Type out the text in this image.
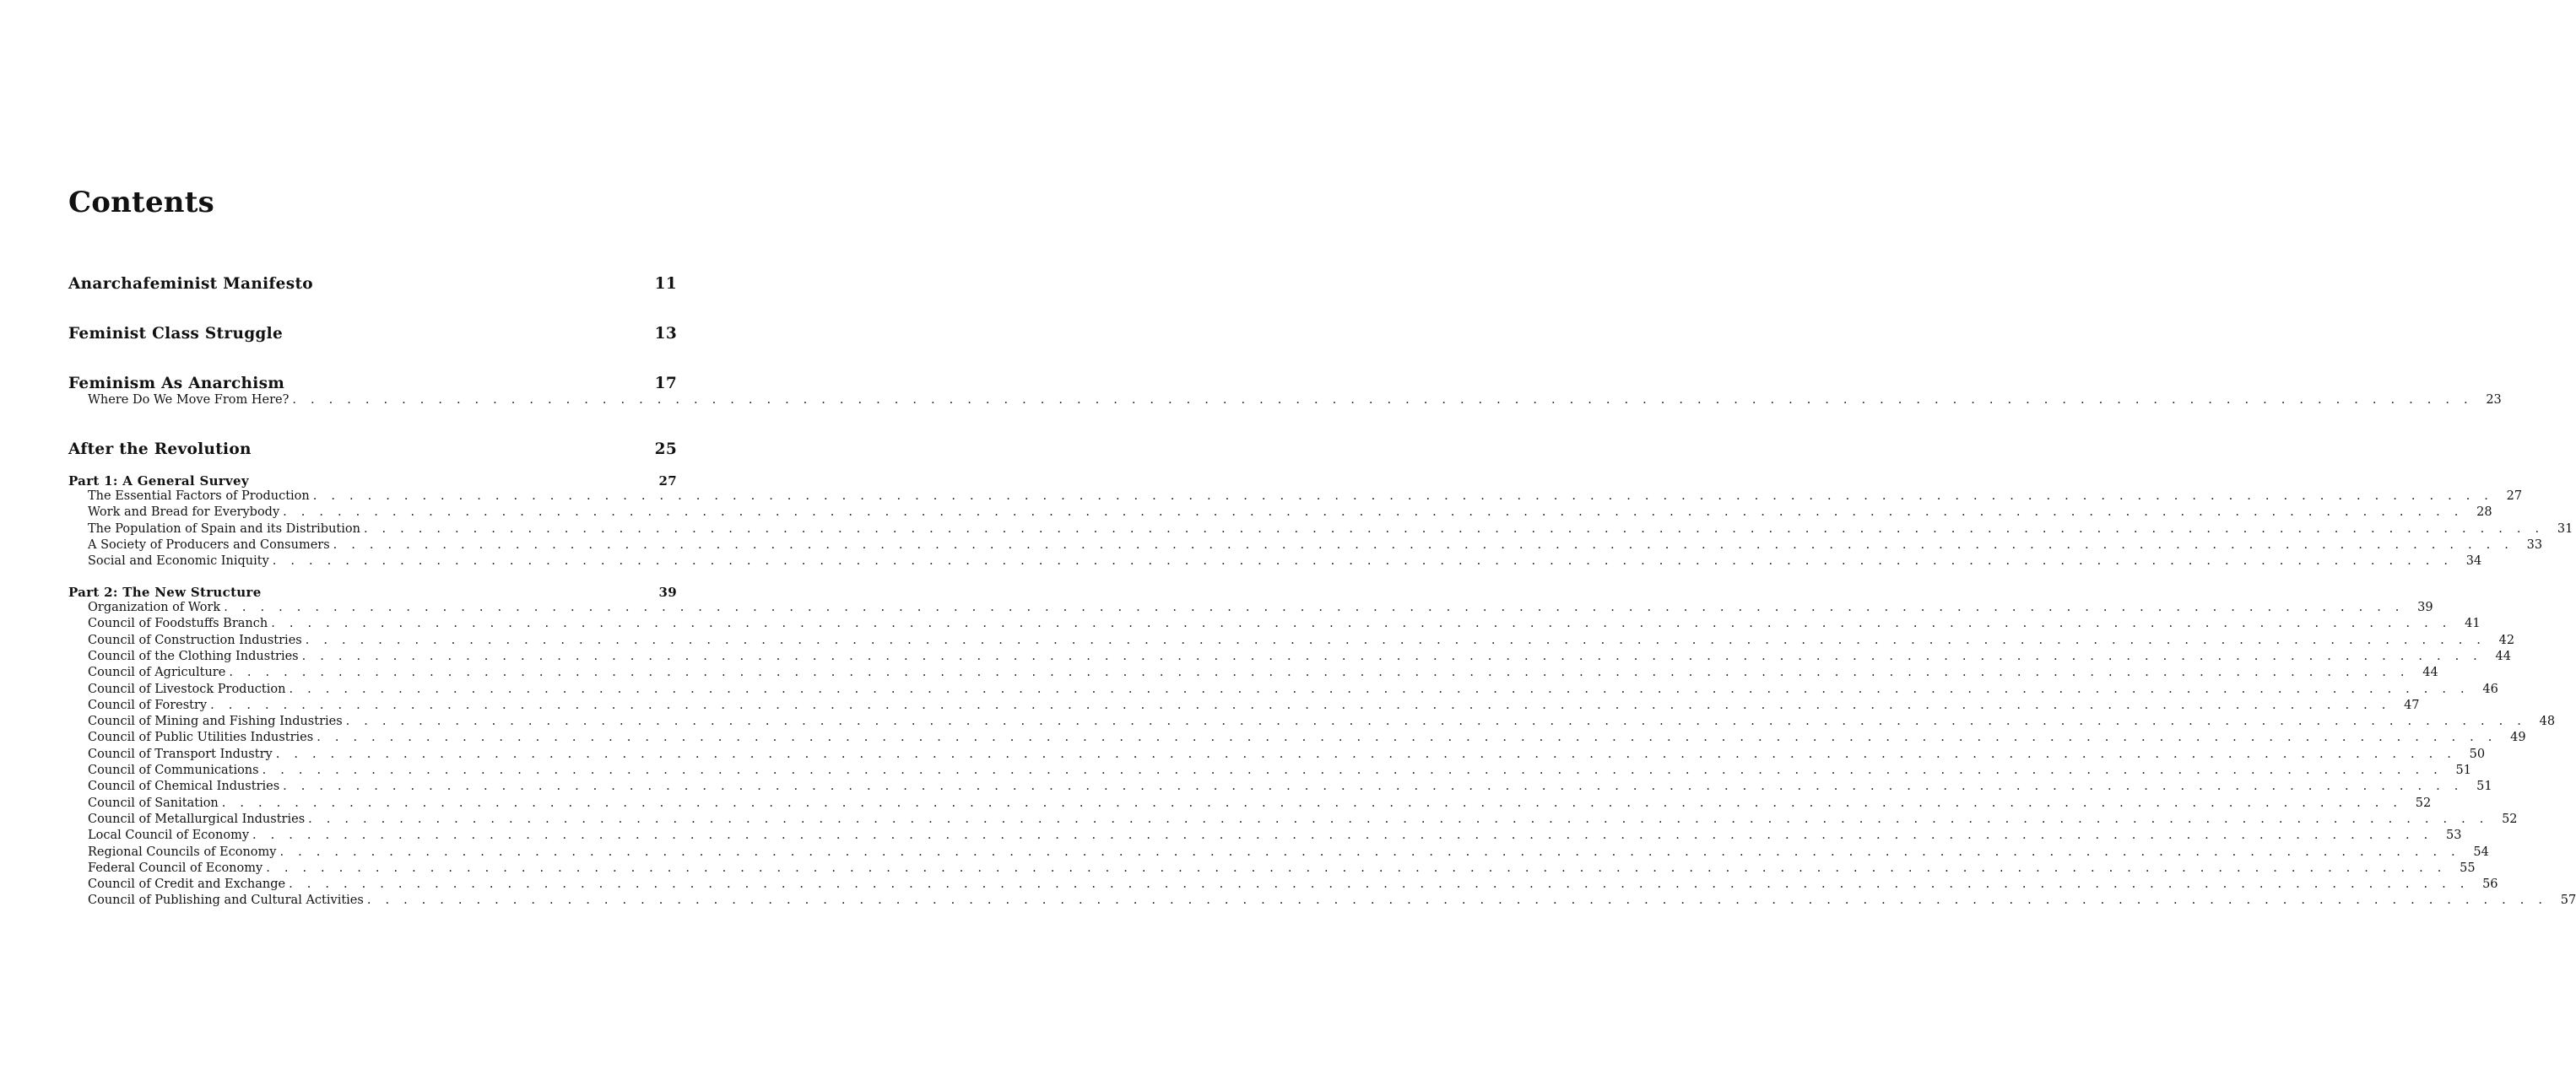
Contents
Anarchafeminist Manifesto	11
Feminist Class Struggle	13
Feminism As Anarchism	17
Where Do We Move From Here? . . . . . . . . . . . . . . . . . . . . . . . . . . . . . . . . . . . . . . . . . . . . . . . . . . . . . . . . . . . . . . . . . . . . . . . . . . . . . . . . . . . . . . . . . . . . . . . . . . . . . . . . . . . . . . . . . . . . . . . .	23
After the Revolution	25
Part 1: A General Survey	27
The Essential Factors of Production . . . . . . . . . . . . . . . . . . . . . . . . . . . . . . . . . . . . . . . . . . . . . . . . . . . . . . . . . . . . . . . . . . . . . . . . . . . . . . . . . . . . . . . . . . . . . . . . . . . . . . . . . . . . . . . . . . . . . . . .	27
Work and Bread for Everybody . . . . . . . . . . . . . . . . . . . . . . . . . . . . . . . . . . . . . . . . . . . . . . . . . . . . . . . . . . . . . . . . . . . . . . . . . . . . . . . . . . . . . . . . . . . . . . . . . . . . . . . . . . . . . . . . . . . . . . . .	28
The Population of Spain and its Distribution . . . . . . . . . . . . . . . . . . . . . . . . . . . . . . . . . . . . . . . . . . . . . . . . . . . . . . . . . . . . . . . . . . . . . . . . . . . . . . . . . . . . . . . . . . . . . . . . . . . . . . . . . . . . . . . . . . . . . . . .	31
A Society of Producers and Consumers . . . . . . . . . . . . . . . . . . . . . . . . . . . . . . . . . . . . . . . . . . . . . . . . . . . . . . . . . . . . . . . . . . . . . . . . . . . . . . . . . . . . . . . . . . . . . . . . . . . . . . . . . . . . . . . . . . . . . . . .	33
Social and Economic Iniquity . . . . . . . . . . . . . . . . . . . . . . . . . . . . . . . . . . . . . . . . . . . . . . . . . . . . . . . . . . . . . . . . . . . . . . . . . . . . . . . . . . . . . . . . . . . . . . . . . . . . . . . . . . . . . . . . . . . . . . . .	34
Part 2: The New Structure	39
Organization of Work . . . . . . . . . . . . . . . . . . . . . . . . . . . . . . . . . . . . . . . . . . . . . . . . . . . . . . . . . . . . . . . . . . . . . . . . . . . . . . . . . . . . . . . . . . . . . . . . . . . . . . . . . . . . . . . . . . . . . . . .	39
Council of Foodstuffs Branch . . . . . . . . . . . . . . . . . . . . . . . . . . . . . . . . . . . . . . . . . . . . . . . . . . . . . . . . . . . . . . . . . . . . . . . . . . . . . . . . . . . . . . . . . . . . . . . . . . . . . . . . . . . . . . . . . . . . . . . .	41
Council of Construction Industries . . . . . . . . . . . . . . . . . . . . . . . . . . . . . . . . . . . . . . . . . . . . . . . . . . . . . . . . . . . . . . . . . . . . . . . . . . . . . . . . . . . . . . . . . . . . . . . . . . . . . . . . . . . . . . . . . . . . . . . .	42
Council of the Clothing Industries . . . . . . . . . . . . . . . . . . . . . . . . . . . . . . . . . . . . . . . . . . . . . . . . . . . . . . . . . . . . . . . . . . . . . . . . . . . . . . . . . . . . . . . . . . . . . . . . . . . . . . . . . . . . . . . . . . . . . . . .	44
Council of Agriculture . . . . . . . . . . . . . . . . . . . . . . . . . . . . . . . . . . . . . . . . . . . . . . . . . . . . . . . . . . . . . . . . . . . . . . . . . . . . . . . . . . . . . . . . . . . . . . . . . . . . . . . . . . . . . . . . . . . . . . . .	44
Council of Livestock Production . . . . . . . . . . . . . . . . . . . . . . . . . . . . . . . . . . . . . . . . . . . . . . . . . . . . . . . . . . . . . . . . . . . . . . . . . . . . . . . . . . . . . . . . . . . . . . . . . . . . . . . . . . . . . . . . . . . . . . . .	46
Council of Forestry . . . . . . . . . . . . . . . . . . . . . . . . . . . . . . . . . . . . . . . . . . . . . . . . . . . . . . . . . . . . . . . . . . . . . . . . . . . . . . . . . . . . . . . . . . . . . . . . . . . . . . . . . . . . . . . . . . . . . . . .	47
Council of Mining and Fishing Industries . . . . . . . . . . . . . . . . . . . . . . . . . . . . . . . . . . . . . . . . . . . . . . . . . . . . . . . . . . . . . . . . . . . . . . . . . . . . . . . . . . . . . . . . . . . . . . . . . . . . . . . . . . . . . . . . . . . . . . . .	48
Council of Public Utilities Industries . . . . . . . . . . . . . . . . . . . . . . . . . . . . . . . . . . . . . . . . . . . . . . . . . . . . . . . . . . . . . . . . . . . . . . . . . . . . . . . . . . . . . . . . . . . . . . . . . . . . . . . . . . . . . . . . . . . . . . . .	49
Council of Transport Industry . . . . . . . . . . . . . . . . . . . . . . . . . . . . . . . . . . . . . . . . . . . . . . . . . . . . . . . . . . . . . . . . . . . . . . . . . . . . . . . . . . . . . . . . . . . . . . . . . . . . . . . . . . . . . . . . . . . . . . . .	50
Council of Communications . . . . . . . . . . . . . . . . . . . . . . . . . . . . . . . . . . . . . . . . . . . . . . . . . . . . . . . . . . . . . . . . . . . . . . . . . . . . . . . . . . . . . . . . . . . . . . . . . . . . . . . . . . . . . . . . . . . . . . . .	51
Council of Chemical Industries . . . . . . . . . . . . . . . . . . . . . . . . . . . . . . . . . . . . . . . . . . . . . . . . . . . . . . . . . . . . . . . . . . . . . . . . . . . . . . . . . . . . . . . . . . . . . . . . . . . . . . . . . . . . . . . . . . . . . . . .	51
Council of Sanitation . . . . . . . . . . . . . . . . . . . . . . . . . . . . . . . . . . . . . . . . . . . . . . . . . . . . . . . . . . . . . . . . . . . . . . . . . . . . . . . . . . . . . . . . . . . . . . . . . . . . . . . . . . . . . . . . . . . . . . . .	52
Council of Metallurgical Industries . . . . . . . . . . . . . . . . . . . . . . . . . . . . . . . . . . . . . . . . . . . . . . . . . . . . . . . . . . . . . . . . . . . . . . . . . . . . . . . . . . . . . . . . . . . . . . . . . . . . . . . . . . . . . . . . . . . . . . . .	52
Local Council of Economy . . . . . . . . . . . . . . . . . . . . . . . . . . . . . . . . . . . . . . . . . . . . . . . . . . . . . . . . . . . . . . . . . . . . . . . . . . . . . . . . . . . . . . . . . . . . . . . . . . . . . . . . . . . . . . . . . . . . . . . .	53
Regional Councils of Economy . . . . . . . . . . . . . . . . . . . . . . . . . . . . . . . . . . . . . . . . . . . . . . . . . . . . . . . . . . . . . . . . . . . . . . . . . . . . . . . . . . . . . . . . . . . . . . . . . . . . . . . . . . . . . . . . . . . . . . . .	54
Federal Council of Economy . . . . . . . . . . . . . . . . . . . . . . . . . . . . . . . . . . . . . . . . . . . . . . . . . . . . . . . . . . . . . . . . . . . . . . . . . . . . . . . . . . . . . . . . . . . . . . . . . . . . . . . . . . . . . . . . . . . . . . . .	55
Council of Credit and Exchange . . . . . . . . . . . . . . . . . . . . . . . . . . . . . . . . . . . . . . . . . . . . . . . . . . . . . . . . . . . . . . . . . . . . . . . . . . . . . . . . . . . . . . . . . . . . . . . . . . . . . . . . . . . . . . . . . . . . . . . .	56
Council of Publishing and Cultural Activities . . . . . . . . . . . . . . . . . . . . . . . . . . . . . . . . . . . . . . . . . . . . . . . . . . . . . . . . . . . . . . . . . . . . . . . . . . . . . . . . . . . . . . . . . . . . . . . . . . . . . . . . . . . . . . . . . . . . . . . .	57
